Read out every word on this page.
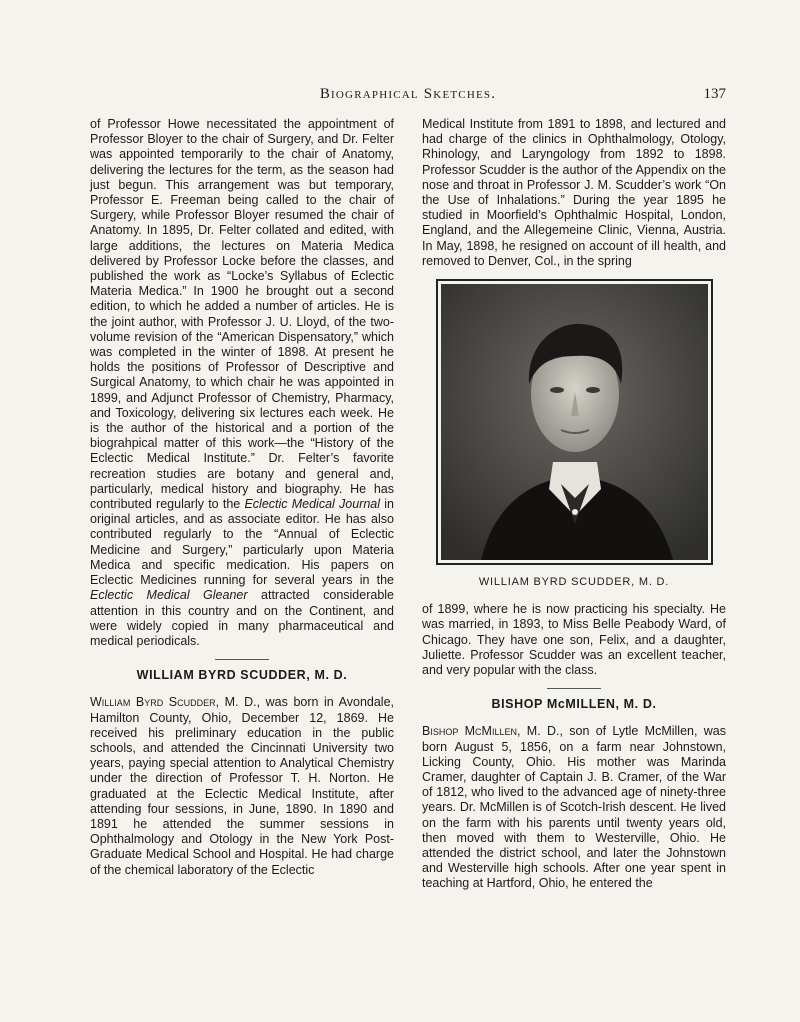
Biographical Sketches.	137

of Professor Howe necessitated the appointment of Professor Bloyer to the chair of Surgery, and Dr. Felter was appointed temporarily to the chair of Anatomy, delivering the lectures for the term, as the season had just begun. This arrangement was but temporary, Professor E. Freeman being called to the chair of Surgery, while Professor Bloyer resumed the chair of Anatomy. In 1895, Dr. Felter collated and edited, with large additions, the lectures on Materia Medica delivered by Professor Locke before the classes, and published the work as “Locke’s Syllabus of Eclectic Materia Medica.” In 1900 he brought out a second edition, to which he added a number of articles. He is the joint author, with Professor J. U. Lloyd, of the two-volume revision of the “American Dispensatory,” which was completed in the winter of 1898. At present he holds the positions of Professor of Descriptive and Surgical Anatomy, to which chair he was appointed in 1899, and Adjunct Professor of Chemistry, Pharmacy, and Toxicology, delivering six lectures each week. He is the author of the historical and a portion of the biograhpical matter of this work—the “History of the Eclectic Medical Institute.” Dr. Felter’s favorite recreation studies are botany and general and, particularly, medical history and biography. He has contributed regularly to the Eclectic Medical Journal in original articles, and as associate editor. He has also contributed regularly to the “Annual of Eclectic Medicine and Surgery,” particularly upon Materia Medica and specific medication. His papers on Eclectic Medicines running for several years in the Eclectic Medical Gleaner attracted considerable attention in this country and on the Continent, and were widely copied in many pharmaceutical and medical periodicals.

WILLIAM BYRD SCUDDER, M. D.

William Byrd Scudder, M. D., was born in Avondale, Hamilton County, Ohio, December 12, 1869. He received his preliminary education in the public schools, and attended the Cincinnati University two years, paying special attention to Analytical Chemistry under the direction of Professor T. H. Norton. He graduated at the Eclectic Medical Institute, after attending four sessions, in June, 1890. In 1890 and 1891 he attended the summer sessions in Ophthalmology and Otology in the New York Post-Graduate Medical School and Hospital. He had charge of the chemical laboratory of the Eclectic

Medical Institute from 1891 to 1898, and lectured and had charge of the clinics in Ophthalmology, Otology, Rhinology, and Laryngology from 1892 to 1898. Professor Scudder is the author of the Appendix on the nose and throat in Professor J. M. Scudder’s work “On the Use of Inhalations.” During the year 1895 he studied in Moorfield’s Ophthalmic Hospital, London, England, and the Allegemeine Clinic, Vienna, Austria. In May, 1898, he resigned on account of ill health, and removed to Denver, Col., in the spring

WILLIAM BYRD SCUDDER, M. D.

of 1899, where he is now practicing his specialty. He was married, in 1893, to Miss Belle Peabody Ward, of Chicago. They have one son, Felix, and a daughter, Juliette. Professor Scudder was an excellent teacher, and very popular with the class.

BISHOP McMILLEN, M. D.

Bishop McMillen, M. D., son of Lytle McMillen, was born August 5, 1856, on a farm near Johnstown, Licking County, Ohio. His mother was Marinda Cramer, daughter of Captain J. B. Cramer, of the War of 1812, who lived to the advanced age of ninety-three years. Dr. McMillen is of Scotch-Irish descent. He lived on the farm with his parents until twenty years old, then moved with them to Westerville, Ohio. He attended the district school, and later the Johnstown and Westerville high schools. After one year spent in teaching at Hartford, Ohio, he entered the
